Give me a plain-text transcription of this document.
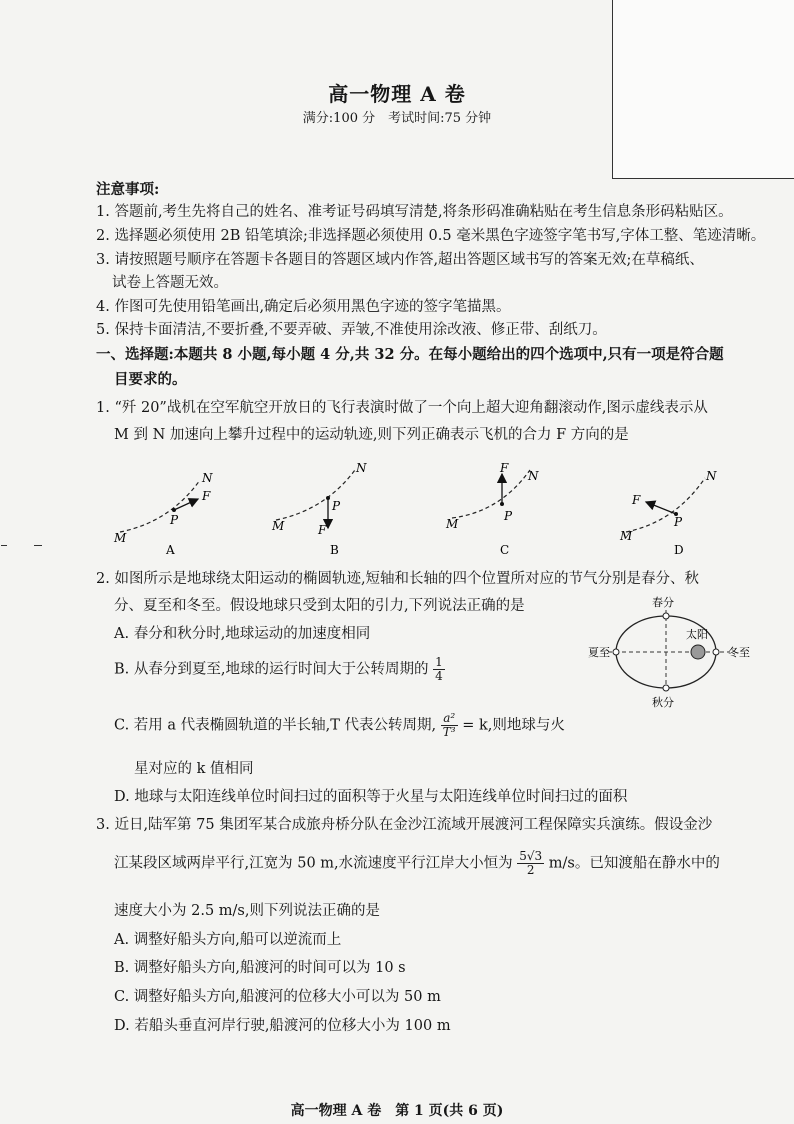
高一物理 A 卷
满分:100 分　考试时间:75 分钟
注意事项:
1. 答题前,考生先将自己的姓名、准考证号码填写清楚,将条形码准确粘贴在考生信息条形码粘贴区。
2. 选择题必须使用 2B 铅笔填涂;非选择题必须使用 0.5 毫米黑色字迹签字笔书写,字体工整、笔迹清晰。
3. 请按照题号顺序在答题卡各题目的答题区域内作答,超出答题区域书写的答案无效;在草稿纸、
试卷上答题无效。
4. 作图可先使用铅笔画出,确定后必须用黑色字迹的签字笔描黑。
5. 保持卡面清洁,不要折叠,不要弄破、弄皱,不准使用涂改液、修正带、刮纸刀。
一、选择题:本题共 8 小题,每小题 4 分,共 32 分。在每小题给出的四个选项中,只有一项是符合题
目要求的。
1. “歼 20”战机在空军航空开放日的飞行表演时做了一个向上超大迎角翻滚动作,图示虚线表示从
M 到 N 加速向上攀升过程中的运动轨迹,则下列正确表示飞机的合力 F 方向的是
M
N
P
F
A
M
N
P
F
B
M
N
P
F
C
M
N
P
F
D
2. 如图所示是地球绕太阳运动的椭圆轨迹,短轴和长轴的四个位置所对应的节气分别是春分、秋
分、夏至和冬至。假设地球只受到太阳的引力,下列说法正确的是
A. 春分和秋分时,地球运动的加速度相同
B. 从春分到夏至,地球的运行时间大于公转周期的 $\frac{1}{4}$
C. 若用 a 代表椭圆轨道的半长轴,T 代表公转周期, $\frac{\text{a²}}{\text{T³}} = k$,则地球与火
星对应的 k 值相同
D. 地球与太阳连线单位时间扫过的面积等于火星与太阳连线单位时间扫过的面积
春分
秋分
夏至	冬至
太阳
3. 近日,陆军第 75 集团军某合成旅舟桥分队在金沙江流域开展渡河工程保障实兵演练。假设金沙
江某段区域两岸平行,江宽为 50 m,水流速度平行江岸大小恒为 $\frac{5√3}{2} m/s$。已知渡船在静水中的
速度大小为 2.5 m/s,则下列说法正确的是
A. 调整好船头方向,船可以逆流而上
B. 调整好船头方向,船渡河的时间可以为 10 s
C. 调整好船头方向,船渡河的位移大小可以为 50 m
D. 若船头垂直河岸行驶,船渡河的位移大小为 100 m
高一物理 A 卷　第 1 页(共 6 页)
